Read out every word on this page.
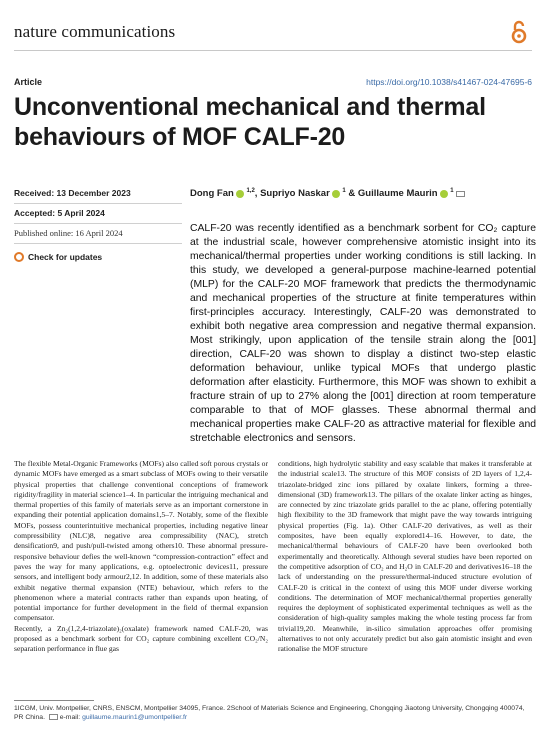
nature communications
Article	https://doi.org/10.1038/s41467-024-47695-6
Unconventional mechanical and thermal behaviours of MOF CALF-20
Received: 13 December 2023
Accepted: 5 April 2024
Published online: 16 April 2024
Check for updates
Dong Fan $^{1,2}$, Supriyo Naskar $^1$ & Guillaume Maurin $^1$

CALF-20 was recently identified as a benchmark sorbent for CO₂ capture at the industrial scale, however comprehensive atomistic insight into its mechanical/thermal properties under working conditions is still lacking. In this study, we developed a general-purpose machine-learned potential (MLP) for the CALF-20 MOF framework that predicts the thermodynamic and mechanical properties of the structure at finite temperatures within first-principles accuracy. Interestingly, CALF-20 was demonstrated to exhibit both negative area compression and negative thermal expansion. Most strikingly, upon application of the tensile strain along the [001] direction, CALF-20 was shown to display a distinct two-step elastic deformation behaviour, unlike typical MOFs that undergo plastic deformation after elasticity. Furthermore, this MOF was shown to exhibit a fracture strain of up to 27% along the [001] direction at room temperature comparable to that of MOF glasses. These abnormal thermal and mechanical properties make CALF-20 as attractive material for flexible and stretchable electronics and sensors.

The flexible Metal-Organic Frameworks (MOFs) also called soft porous crystals or dynamic MOFs have emerged as a smart subclass of MOFs owing to their versatile physical properties that challenge conventional conceptions of framework rigidity/fragility in material science1–4. In particular the intriguing mechanical and thermal properties of this family of materials serve as an important cornerstone in expanding their potential application domains1,5–7. Notably, some of the flexible MOFs, possess counterintuitive mechanical properties, including negative linear compressibility (NLC)8, negative area compressibility (NAC), stretch densification9, and push/pull-twisted among others10. These abnormal pressure-responsive behaviour defies the well-known “compression-contraction” effect and paves the way for many applications, e.g. optoelectronic devices11, pressure sensors, and intelligent body armour2,12. In addition, some of these materials also exhibit negative thermal expansion (NTE) behaviour, which refers to the phenomenon where a material contracts rather than expands upon heating, of potential importance for further development in the field of thermal expansion compensator.

Recently, a Zn₂(1,2,4-triazolate)₂(oxalate) framework named CALF-20, was proposed as a benchmark sorbent for CO₂ capture combining excellent CO₂/N₂ separation performance in flue gas

conditions, high hydrolytic stability and easy scalable that makes it transferable at the industrial scale13. The structure of this MOF consists of 2D layers of 1,2,4-triazolate-bridged zinc ions pillared by oxalate linkers, forming a three-dimensional (3D) framework13. The pillars of the oxalate linker acting as hinges, are connected by zinc triazolate grids parallel to the ac plane, offering potentially high flexibility to the 3D framework that might pave the way towards intriguing physical properties (Fig. 1a). Other CALF-20 derivatives, as well as their composites, have been equally explored14–16. However, to date, the mechanical/thermal behaviours of CALF-20 have been overlooked both experimentally and theoretically. Although several studies have been reported on the competitive adsorption of CO₂ and H₂O in CALF-20 and derivatives16–18 the lack of understanding on the pressure/thermal-induced structure evolution of CALF-20 is critical in the context of using this MOF under diverse working conditions. The determination of MOF mechanical/thermal properties generally requires the deployment of sophisticated experimental techniques as well as the consideration of high-quality samples making the whole testing process far from trivial19,20. Meanwhile, in-silico simulation approaches offer promising alternatives to not only accurately predict but also gain atomistic insight and even rationalise the MOF structure

1ICGM, Univ. Montpellier, CNRS, ENSCM, Montpellier 34095, France. 2School of Materials Science and Engineering, Chongqing Jiaotong University, Chongqing 400074, PR China. e-mail: guillaume.maurin1@umontpellier.fr
